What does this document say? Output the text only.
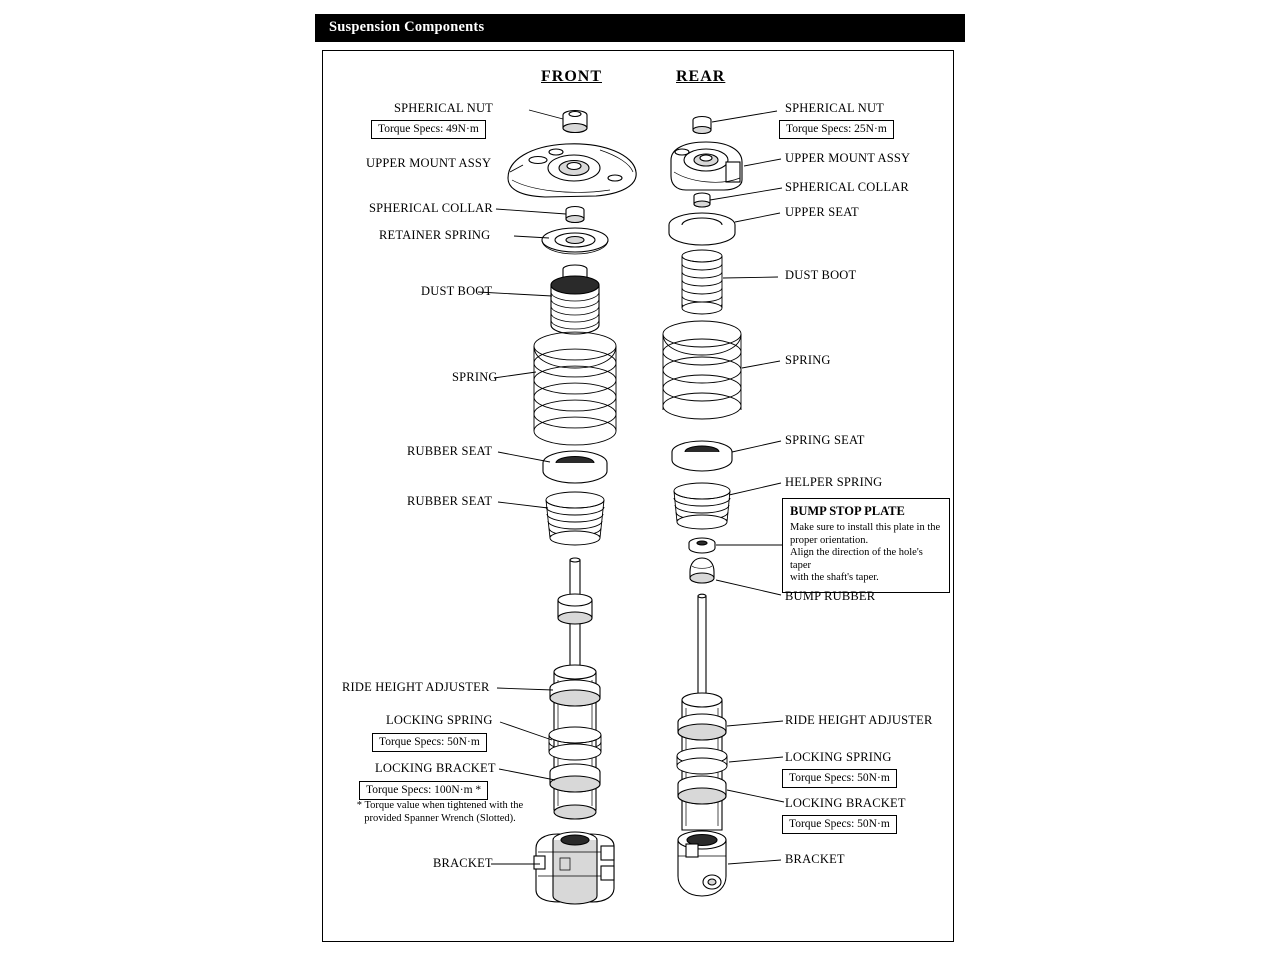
Suspension Components
FRONT	REAR
SPHERICAL NUT
Torque Specs: 49N·m
UPPER MOUNT ASSY
SPHERICAL COLLAR
RETAINER SPRING
DUST BOOT
SPRING
RUBBER SEAT
RUBBER SEAT
RIDE HEIGHT ADJUSTER
LOCKING SPRING
Torque Specs: 50N·m
LOCKING BRACKET
Torque Specs: 100N·m *
* Torque value when tightened with the
provided Spanner Wrench (Slotted).
BRACKET
SPHERICAL NUT
Torque Specs: 25N·m
UPPER MOUNT ASSY
SPHERICAL COLLAR
UPPER SEAT
DUST BOOT
SPRING
SPRING SEAT
HELPER SPRING
BUMP STOP PLATE
Make sure to install this plate in the
proper orientation.
Align the direction of the hole's taper
with the shaft's taper.
BUMP RUBBER
RIDE HEIGHT ADJUSTER
LOCKING SPRING
Torque Specs: 50N·m
LOCKING BRACKET
Torque Specs: 50N·m
BRACKET
